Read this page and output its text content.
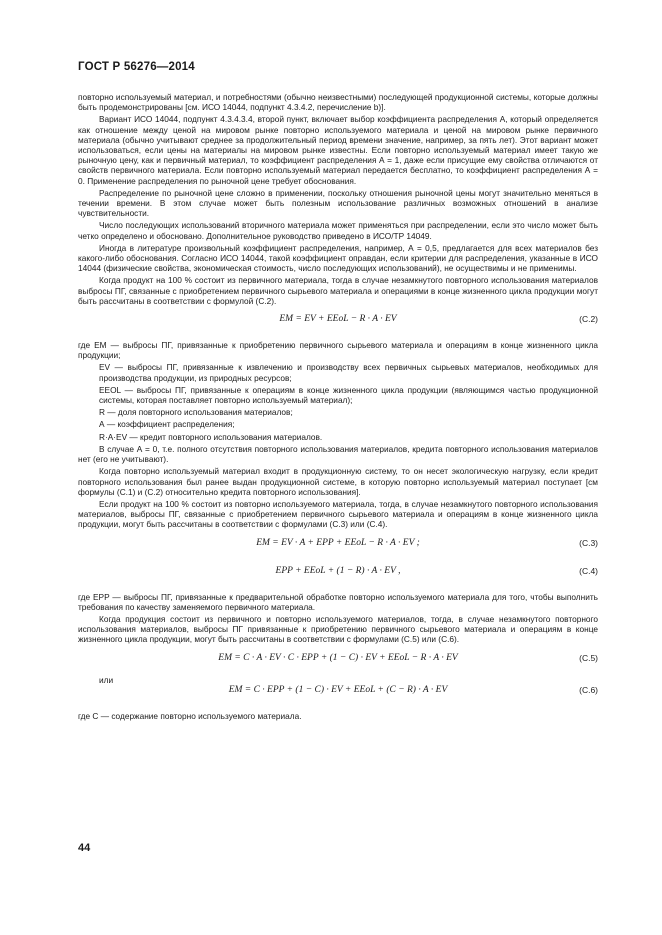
ГОСТ Р 56276—2014

повторно используемый материал, и потребностями (обычно неизвестными) последующей продукционной системы, которые должны быть продемонстрированы [см. ИСО 14044, подпункт 4.3.4.2, перечисление b)].

Вариант ИСО 14044, подпункт 4.3.4.3.4, второй пункт, включает выбор коэффициента распределения А, который определяется как отношение между ценой на мировом рынке повторно используемого материала и ценой на мировом рынке первичного материала (обычно учитывают среднее за продолжительный период времени значение, например, за пять лет). Этот вариант может использоваться, если цены на материалы на мировом рынке известны. Если повторно используемый материал имеет такую же рыночную цену, как и первичный материал, то коэффициент распределения А = 1, даже если присущие ему свойства отличаются от свойств первичного материала. Если повторно используемый материал передается бесплатно, то коэффициент распределения А = 0. Применение распределения по рыночной цене требует обоснования.

Распределение по рыночной цене сложно в применении, поскольку отношения рыночной цены могут значительно меняться в течении времени. В этом случае может быть полезным использование различных возможных отношений в анализе чувствительности.

Число последующих использований вторичного материала может применяться при распределении, если это число может быть четко определено и обосновано. Дополнительное руководство приведено в ИСО/ТР 14049.

Иногда в литературе произвольный коэффициент распределения, например, А = 0,5, предлагается для всех материалов без какого-либо обоснования. Согласно ИСО 14044, такой коэффициент оправдан, если критерии для распределения, указанные в ИСО 14044 (физические свойства, экономическая стоимость, число последующих использований), не осуществимы и не применимы.

Когда продукт на 100 % состоит из первичного материала, тогда в случае незамкнутого повторного использования материалов выбросы ПГ, связанные с приобретением первичного сырьевого материала и операциями в конце жизненного цикла продукции могут быть рассчитаны в соответствии с формулой (С.2).

EM = EV + EEoL − R · A · EV	(С.2)

где EM — выбросы ПГ, привязанные к приобретению первичного сырьевого материала и операциям в конце жизненного цикла продукции;

EV — выбросы ПГ, привязанные к извлечению и производству всех первичных сырьевых материалов, необходимых для производства продукции, из природных ресурсов;

EEOL — выбросы ПГ, привязанные к операциям в конце жизненного цикла продукции (являющимся частью продукционной системы, которая поставляет повторно используемый материал);

R — доля повторного использования материалов;

А — коэффициент распределения;

R·A·EV — кредит повторного использования материалов.

В случае А = 0, т.е. полного отсутствия повторного использования материалов, кредита повторного использования материалов нет (его не учитывают).

Когда повторно используемый материал входит в продукционную систему, то он несет экологическую нагрузку, если кредит повторного использования был ранее выдан продукционной системе, в которую повторно используемый материал поступает [см формулы (С.1) и (С.2) относительно кредита повторного использования].

Если продукт на 100 % состоит из повторно используемого материала, тогда, в случае незамкнутого повторного использования материалов, выбросы ПГ, связанные с приобретением первичного сырьевого материала и операциям в конце жизненного цикла продукции, могут быть рассчитаны в соответствии с формулами (С.3) или (С.4).

EM = EV · A + EPP + EEoL − R · A · EV ;	(С.3)
EPP + EEoL + (1 − R) · A · EV ,	(С.4)

где EPP — выбросы ПГ, привязанные к предварительной обработке повторно используемого материала для того, чтобы выполнить требования по качеству заменяемого первичного материала.

Когда продукция состоит из первичного и повторно используемого материалов, тогда, в случае незамкнутого повторного использования материалов, выбросы ПГ привязанные к приобретению первичного сырьевого материала и операциям в конце жизненного цикла продукции, могут быть рассчитаны в соответствии с формулами (С.5) или (С.6).

EM = C · A · EV · C · EPP + (1 − C) · EV + EEoL − R · A · EV	(С.5)

или

EM = C · EPP + (1 − C) · EV + EEoL + (C − R) · A · EV	(С.6)

где С — содержание повторно используемого материала.

44
